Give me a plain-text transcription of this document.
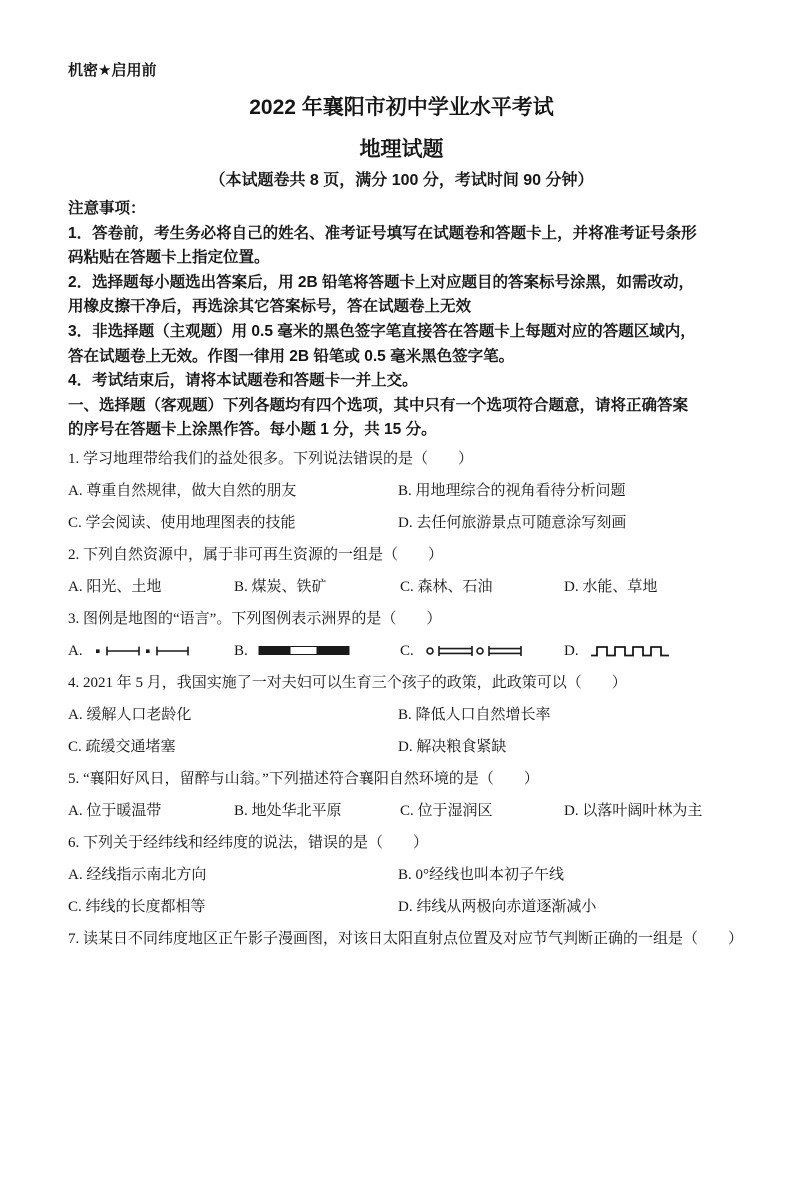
机密★启用前
2022 年襄阳市初中学业水平考试
地理试题
（本试题卷共 8 页，满分 100 分，考试时间 90 分钟）
注意事项：
1．答卷前，考生务必将自己的姓名、准考证号填写在试题卷和答题卡上，并将准考证号条形
码粘贴在答题卡上指定位置。
2．选择题每小题选出答案后，用 2B 铅笔将答题卡上对应题目的答案标号涂黑，如需改动，
用橡皮擦干净后，再选涂其它答案标号，答在试题卷上无效
3．非选择题（主观题）用 0.5 毫米的黑色签字笔直接答在答题卡上每题对应的答题区域内，
答在试题卷上无效。作图一律用 2B 铅笔或 0.5 毫米黑色签字笔。
4．考试结束后，请将本试题卷和答题卡一并上交。
一、选择题（客观题）下列各题均有四个选项，其中只有一个选项符合题意，请将正确答案
的序号在答题卡上涂黑作答。每小题 1 分，共 15 分。
1. 学习地理带给我们的益处很多。下列说法错误的是（　　）
A. 尊重自然规律，做大自然的朋友	B. 用地理综合的视角看待分析问题
C. 学会阅读、使用地理图表的技能	D. 去任何旅游景点可随意涂写刻画
2. 下列自然资源中，属于非可再生资源的一组是（　　）
A. 阳光、土地	B. 煤炭、铁矿	C. 森林、石油	D. 水能、草地
3. 图例是地图的“语言”。下列图例表示洲界的是（　　）
A.	B.	C.	D.
4. 2021 年 5 月，我国实施了一对夫妇可以生育三个孩子的政策，此政策可以（　　）
A. 缓解人口老龄化	B. 降低人口自然增长率
C. 疏缓交通堵塞	D. 解决粮食紧缺
5. “襄阳好风日，留醉与山翁。”下列描述符合襄阳自然环境的是（　　）
A. 位于暖温带	B. 地处华北平原	C. 位于湿润区	D. 以落叶阔叶林为主
6. 下列关于经纬线和经纬度的说法，错误的是（　　）
A. 经线指示南北方向	B. 0°经线也叫本初子午线
C. 纬线的长度都相等	D. 纬线从两极向赤道逐渐减小
7. 读某日不同纬度地区正午影子漫画图，对该日太阳直射点位置及对应节气判断正确的一组是（　　）
